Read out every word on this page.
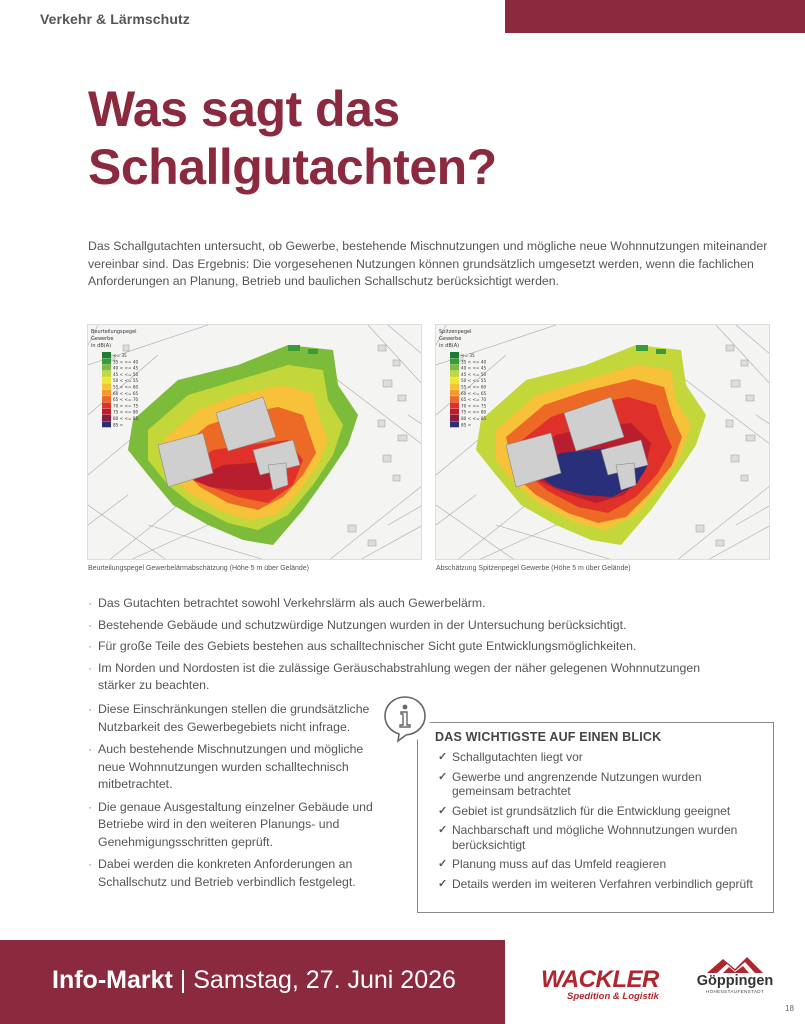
Verkehr & Lärmschutz
Was sagt das
Schallgutachten?

Das Schallgutachten untersucht, ob Gewerbe, bestehende Mischnutzungen und mögliche neue Wohnnutzungen miteinander vereinbar sind. Das Ergebnis: Die vorgesehenen Nutzungen können grundsätzlich umgesetzt werden, wenn die fachlichen Anforderungen an Planung, Betrieb und baulichen Schallschutz berücksichtigt werden.

Beurteilungspegel
Gewerbe
in dB(A)
<= 35
35 < <= 40
40 < <= 45
45 < <= 50
50 < <= 55
55 < <= 60
60 < <= 65
65 < <= 70
70 < <= 75
75 < <= 80
80 < <= 85
85 <
Beurteilungspegel Gewerbelärmabschätzung (Höhe 5 m über Gelände)
Spitzenpegel
Gewerbe
in dB(A)
<= 35
35 < <= 40
40 < <= 45
45 < <= 50
50 < <= 55
55 < <= 60
60 < <= 65
65 < <= 70
70 < <= 75
75 < <= 80
80 < <= 85
85 <
Abschätzung Spitzenpegel Gewerbe (Höhe 5 m über Gelände)
· Das Gutachten betrachtet sowohl Verkehrslärm als auch Gewerbelärm.
· Bestehende Gebäude und schutzwürdige Nutzungen wurden in der Untersuchung berücksichtigt.
· Für große Teile des Gebiets bestehen aus schalltechnischer Sicht gute Entwicklungsmöglichkeiten.
· Im Norden und Nordosten ist die zulässige Geräuschabstrahlung wegen der näher gelegenen Wohnnutzungen stärker zu beachten.
· Diese Einschränkungen stellen die grundsätzliche Nutzbarkeit des Gewerbegebiets nicht infrage.
· Auch bestehende Mischnutzungen und mögliche neue Wohnnutzungen wurden schalltechnisch mitbetrachtet.
· Die genaue Ausgestaltung einzelner Gebäude und Betriebe wird in den weiteren Planungs- und Genehmigungsschritten geprüft.
· Dabei werden die konkreten Anforderungen an Schallschutz und Betrieb verbindlich festgelegt.
DAS WICHTIGSTE AUF EINEN BLICK
✓ Schallgutachten liegt vor
✓ Gewerbe und angrenzende Nutzungen wurden gemeinsam betrachtet
✓ Gebiet ist grundsätzlich für die Entwicklung geeignet
✓ Nachbarschaft und mögliche Wohnnutzungen wurden berücksichtigt
✓ Planung muss auf das Umfeld reagieren
✓ Details werden im weiteren Verfahren verbindlich geprüft
Info-Markt | Samstag, 27. Juni 2026	WACKLER
Spedition & Logistik
Göppingen
HOHENSTAUFENSTADT
18
